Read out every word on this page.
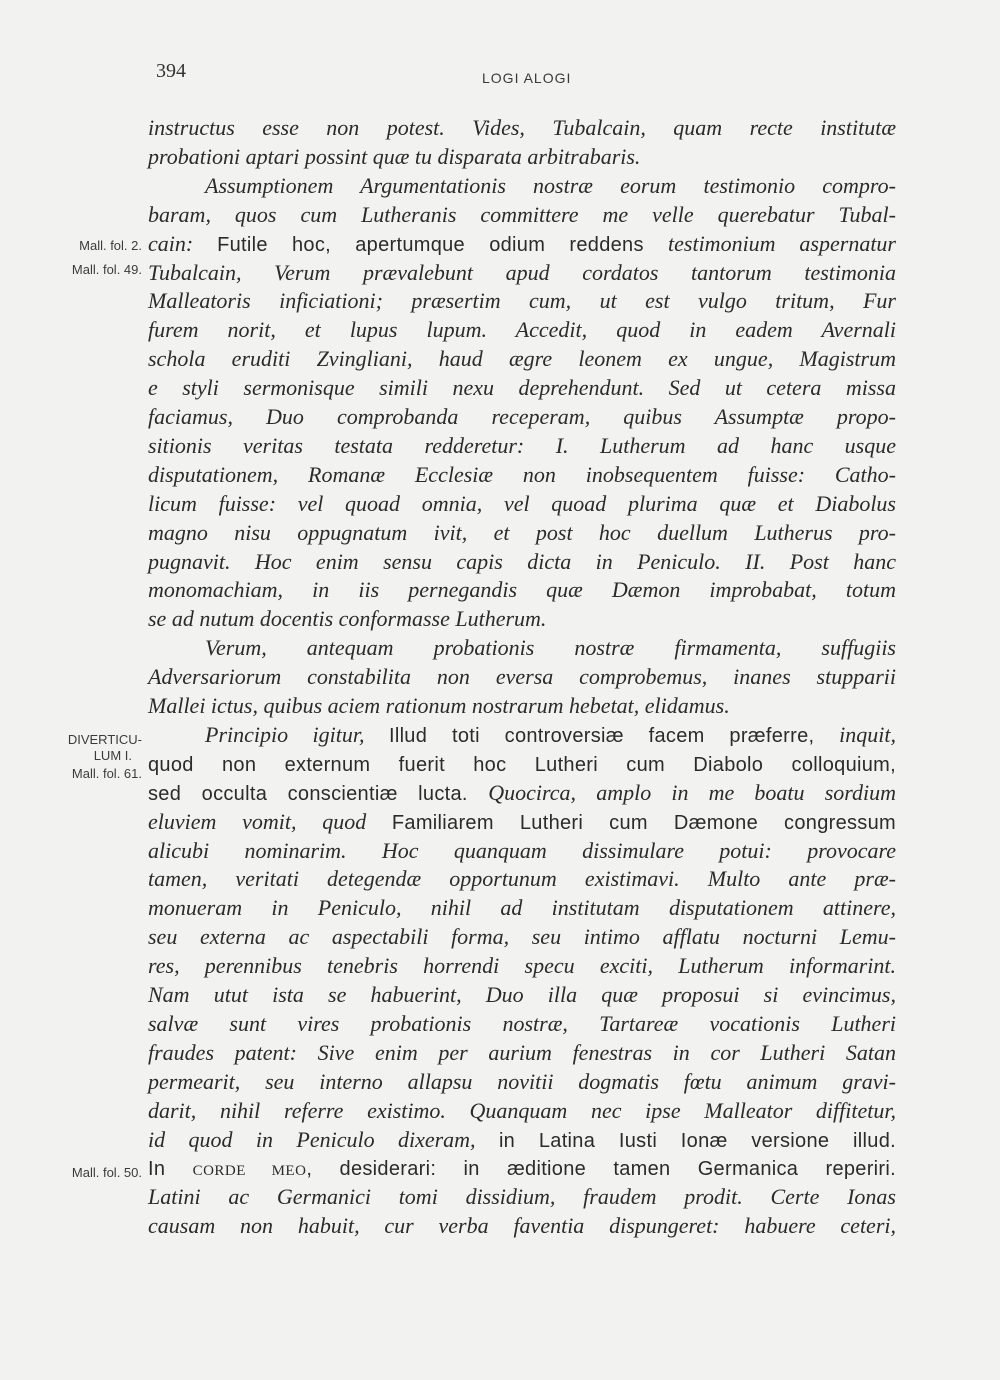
394	LOGI ALOGI
Mall. fol. 2.
Mall. fol. 49.
DIVERTICU-
LUM I.
Mall. fol. 61.
Mall. fol. 50.
instructus esse non potest. Vides, Tubalcain, quam recte institutæ
probationi aptari possint quæ tu disparata arbitrabaris.
Assumptionem Argumentationis nostræ eorum testimonio compro-
baram, quos cum Lutheranis committere me velle querebatur Tubal-
cain: Futile hoc, apertumque odium reddens testimonium aspernatur
Tubalcain, Verum prævalebunt apud cordatos tantorum testimonia
Malleatoris inficiationi; præsertim cum, ut est vulgo tritum, Fur
furem norit, et lupus lupum. Accedit, quod in eadem Avernali
schola eruditi Zvingliani, haud ægre leonem ex ungue, Magistrum
e styli sermonisque simili nexu deprehendunt. Sed ut cetera missa
faciamus, Duo comprobanda receperam, quibus Assumptæ propo-
sitionis veritas testata redderetur: I. Lutherum ad hanc usque
disputationem, Romanæ Ecclesiæ non inobsequentem fuisse: Catho-
licum fuisse: vel quoad omnia, vel quoad plurima quæ et Diabolus
magno nisu oppugnatum ivit, et post hoc duellum Lutherus pro-
pugnavit. Hoc enim sensu capis dicta in Peniculo. II. Post hanc
monomachiam, in iis pernegandis quæ Dæmon improbabat, totum
se ad nutum docentis conformasse Lutherum.
Verum, antequam probationis nostræ firmamenta, suffugiis
Adversariorum constabilita non eversa comprobemus, inanes stupparii
Mallei ictus, quibus aciem rationum nostrarum hebetat, elidamus.
Principio igitur, Illud toti controversiæ facem præferre, inquit,
quod non externum fuerit hoc Lutheri cum Diabolo colloquium,
sed occulta conscientiæ lucta. Quocirca, amplo in me boatu sordium
eluviem vomit, quod Familiarem Lutheri cum Dæmone congressum
alicubi nominarim. Hoc quanquam dissimulare potui: provocare
tamen, veritati detegendæ opportunum existimavi. Multo ante præ-
monueram in Peniculo, nihil ad institutam disputationem attinere,
seu externa ac aspectabili forma, seu intimo afflatu nocturni Lemu-
res, perennibus tenebris horrendi specu exciti, Lutherum informarint.
Nam utut ista se habuerint, Duo illa quæ proposui si evincimus,
salvæ sunt vires probationis nostræ, Tartareæ vocationis Lutheri
fraudes patent: Sive enim per aurium fenestras in cor Lutheri Satan
permearit, seu interno allapsu novitii dogmatis fœtu animum gravi-
darit, nihil referre existimo. Quanquam nec ipse Malleator diffitetur,
id quod in Peniculo dixeram, in Latina Iusti Ionæ versione illud.
In CORDE MEO, desiderari: in æditione tamen Germanica reperiri.
Latini ac Germanici tomi dissidium, fraudem prodit. Certe Ionas
causam non habuit, cur verba faventia dispungeret: habuere ceteri,
